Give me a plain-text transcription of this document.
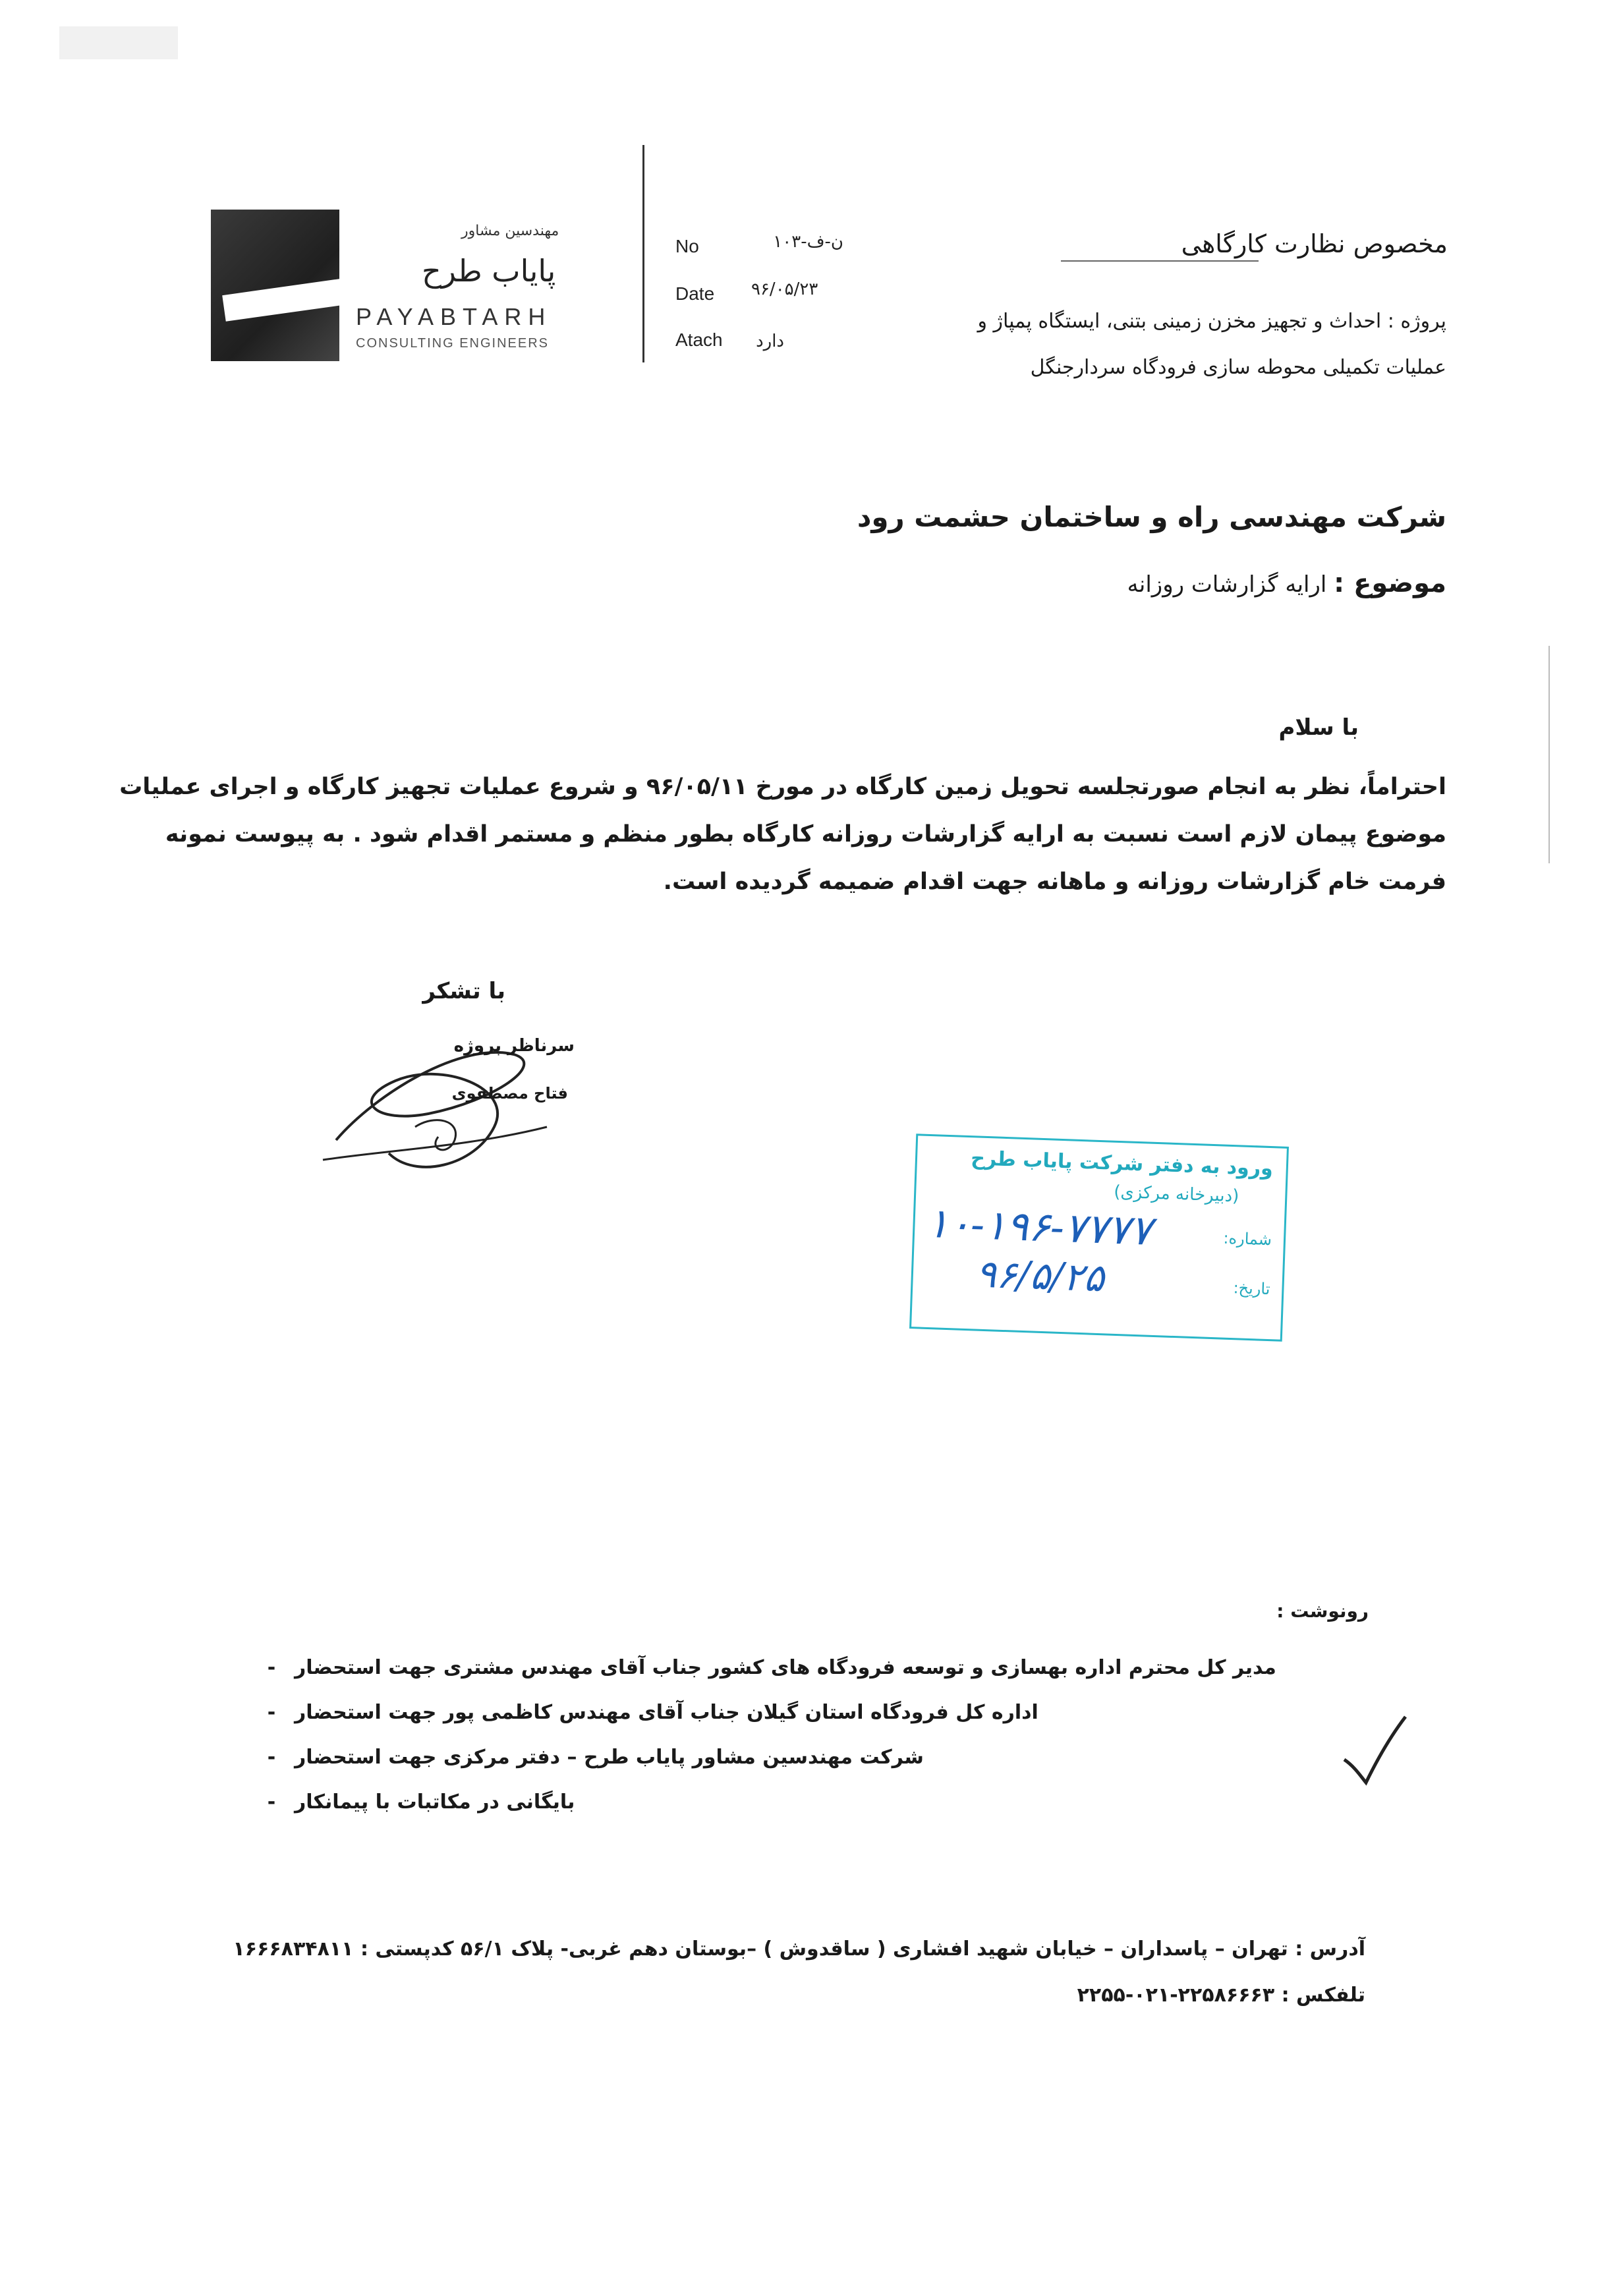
مهندسین مشاور
پایاب طرح
PAYABTARH
CONSULTING ENGINEERS
No	ن-ف-۱۰۳
Date ۹۶/۰۵/۲۳
Atach	دارد
مخصوص نظارت کارگاهی
پروژه : احداث و تجهیز مخزن زمینی بتنی، ایستگاه پمپاژ و
عملیات تکمیلی محوطه سازی فرودگاه سردارجنگل
شرکت مهندسی راه و ساختمان حشمت رود
موضوع : ارایه گزارشات روزانه
با سلام
احتراماً، نظر به انجام صورتجلسه تحویل زمین کارگاه در مورخ ۹۶/۰۵/۱۱ و شروع عملیات تجهیز کارگاه و اجرای عملیات موضوع پیمان لازم است نسبت به ارایه گزارشات روزانه کارگاه بطور منظم و مستمر اقدام شود . به پیوست نمونه فرمت خام گزارشات روزانه و ماهانه جهت اقدام ضمیمه گردیده است.
با تشکر
سرناظر پروژه
فتاح مصطفوی
ورود به دفتر شرکت پایاب طرح
(دبیرخانه مرکزی)
شماره:
تاریخ:
۱۰-۱۹۶-۷۷۷۷
۹۶/۵/۲۵
رونوشت :
- مدیر کل محترم اداره بهسازی و توسعه فرودگاه های کشور جناب آقای مهندس مشتری جهت استحضار
- اداره کل فرودگاه استان گیلان جناب آقای مهندس کاظمی پور جهت استحضار
- شرکت مهندسین مشاور پایاب طرح – دفتر مرکزی جهت استحضار
- بایگانی در مکاتبات با پیمانکار
آدرس : تهران – پاسداران – خیابان شهید افشاری ( ساقدوش ) –بوستان دهم غربی- پلاک ۵۶/۱ کدپستی : ۱۶۶۶۸۳۴۸۱۱
تلفکس : ۲۲۵۸۶۶۶۳-۰۲۱-۲۲۵۵
